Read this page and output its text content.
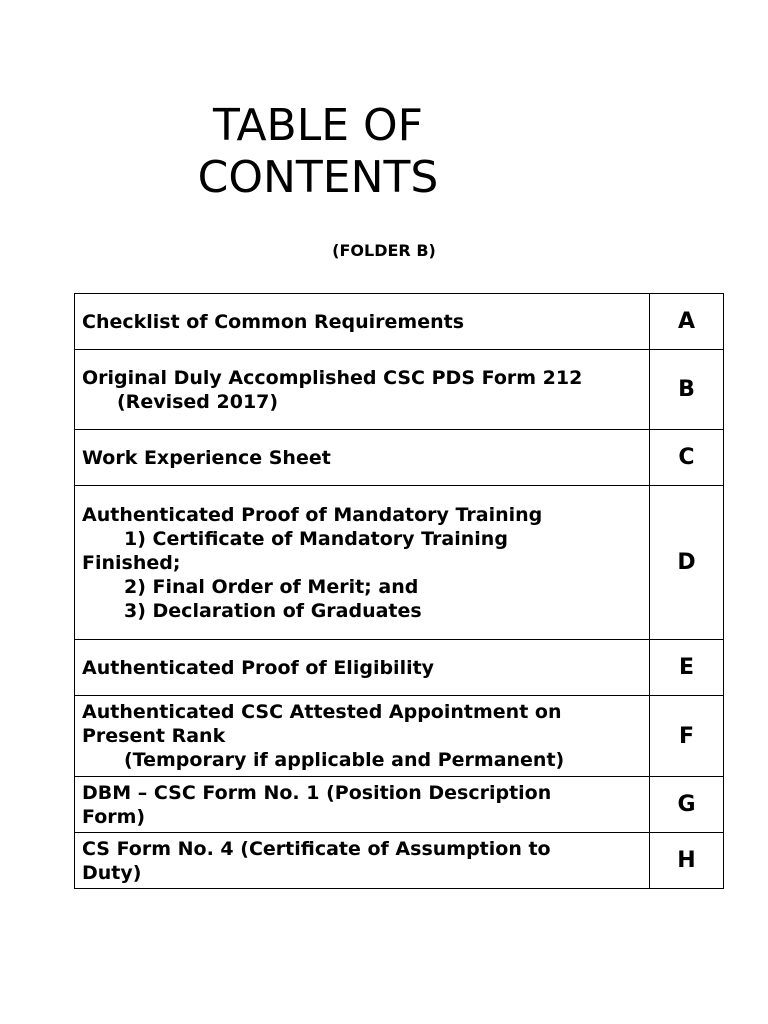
TABLE OF
CONTENTS
(FOLDER B)
Checklist of Common Requirements	A

Original Duly Accomplished CSC PDS Form 212
(Revised 2017)	B

Work Experience Sheet	C

Authenticated Proof of Mandatory Training
1) Certificate of Mandatory Training
Finished;
2) Final Order of Merit; and
3) Declaration of Graduates	D

Authenticated Proof of Eligibility	E

Authenticated CSC Attested Appointment on
Present Rank
(Temporary if applicable and Permanent)	F

DBM – CSC Form No. 1 (Position Description
Form)	G

CS Form No. 4 (Certificate of Assumption to
Duty)	H
